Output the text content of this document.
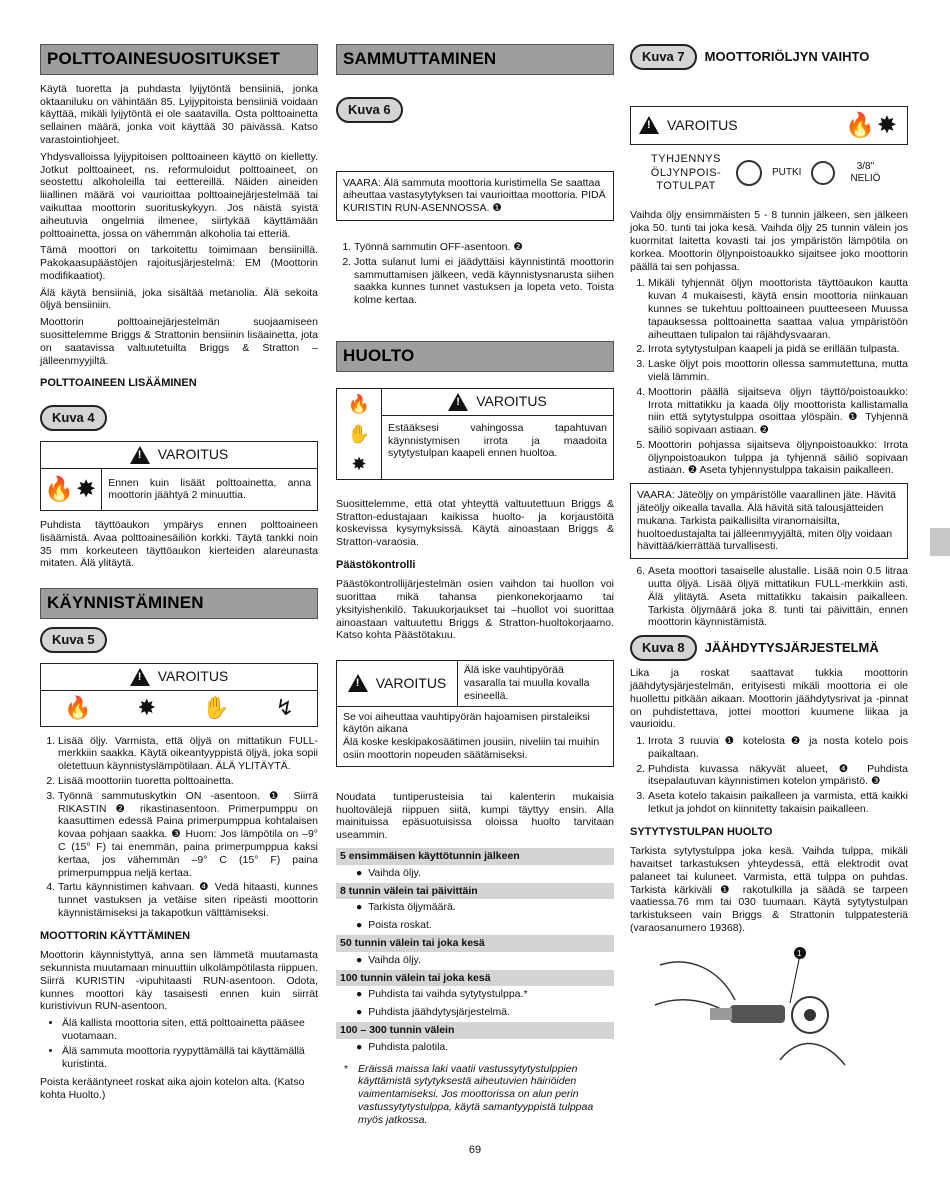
POLTTOAINESUOSITUKSET

Käytä tuoretta ja puhdasta lyijytöntä bensiiniä, jonka oktaaniluku on vähintään 85. Lyijypitoista bensiiniä voidaan käyttää, mikäli lyijytöntä ei ole saatavilla. Osta polttoainetta sellainen määrä, jonka voit käyttää 30 päivässä. Katso varastointiohjeet.

Yhdysvalloissa lyijypitoisen polttoaineen käyttö on kielletty. Jotkut polttoaineet, ns. reformuloidut polttoaineet, on seostettu alkoholeilla tai eettereillä. Näiden aineiden liiallinen määrä voi vaurioittaa polttoainejärjestelmää tai vaikuttaa moottorin suorituskykyyn. Jos näistä syistä aiheutuvia ongelmia ilmenee, siirtykää käyttämään polttoainetta, jossa on vähemmän alkoholia tai etteriä.

Tämä moottori on tarkoitettu toimimaan bensiinillä. Pakokaasupäästöjen rajoitusjärjestelmä: EM (Moottorin modifikaatiot).

Älä käytä bensiiniä, joka sisältää metanolia. Älä sekoita öljyä bensiiniin.

Moottorin polttoainejärjestelmän suojaamiseen suosittelemme Briggs & Strattonin bensiinin lisäainetta, jota on saatavissa valtuutetuilta Briggs & Stratton – jälleenmyyjiltä.

POLTTOAINEEN LISÄÄMINEN
Kuva 4
!
VAROITUS
🔥✸ Ennen kuin lisäät polttoainetta, anna moottorin jäähtyä 2 minuuttia.

Puhdista täyttöaukon ympärys ennen polttoaineen lisäämistä. Avaa polttoainesäiliön korkki. Täytä tankki noin 35 mm korkeuteen täyttöaukon kierteiden alareunasta mitaten. Älä ylitäytä.

KÄYNNISTÄMINEN
Kuva 5
!
VAROITUS
🔥 ✸ ✋ ↯
1. Lisää öljy. Varmista, että öljyä on mittatikun FULL-merkkiin saakka. Käytä oikeantyyppistä öljyä, joka sopii oletettuun käynnistyslämpötilaan. ÄLÄ YLITÄYTÄ.
2. Lisää moottoriin tuoretta polttoainetta.
3. Työnnä sammutuskytkin ON -asentoon. ❶ Siirrä RIKASTIN ❷ rikastinasentoon. Primerpumppu on kaasuttimen edessä Paina primerpumppua kohtalaisen kovaa pohjaan saakka. ❸ Huom: Jos lämpötila on –9° C (15° F) tai enemmän, paina primerpumppua kaksi kertaa, jos vähemmän –9° C (15° F) paina primerpumppua neljä kertaa.
4. Tartu käynnistimen kahvaan. ❹ Vedä hitaasti, kunnes tunnet vastuksen ja vetäise siten ripeästi moottorin käynnistämiseksi ja takapotkun välttämiseksi.
MOOTTORIN KÄYTTÄMINEN

Moottorin käynnistyttyä, anna sen lämmetä muutamasta sekunnista muutamaan minuuttiin ulkolämpötilasta riippuen. Siirrä KURISTIN -vipuhitaasti RUN-asentoon. Odota, kunnes moottori käy tasaisesti ennen kuin siirrät kuristivivun RUN-asentoon.

• Älä kallista moottoria siten, että polttoainetta pääsee vuotamaan.
• Älä sammuta moottoria ryypyttämällä tai käyttämällä kuristinta.

Poista kerääntyneet roskat aika ajoin kotelon alta. (Katso kohta Huolto.)

SAMMUTTAMINEN
Kuva 6
VAARA: Älä sammuta moottoria kuristimella Se saattaa aiheuttaa vastasytytyksen tai vaurioittaa moottoria. PIDÄ KURISTIN RUN-ASENNOSSA. ❶
1. Työnnä sammutin OFF-asentoon. ❷
2. Jotta sulanut lumi ei jäädyttäisi käynnistintä moottorin sammuttamisen jälkeen, vedä käynnistysnarusta siihen saakka kunnes tunnet vastuksen ja lopeta veto. Toista kolme kertaa.
HUOLTO
🔥
✋
✸
!
VAROITUS
Estääksesi vahingossa tapahtuvan käynnistymisen irrota ja maadoita sytytystulpan kaapeli ennen huoltoa.

Suosittelemme, että otat yhteyttä valtuutettuun Briggs & Stratton-edustajaan kaikissa huolto- ja korjaustöitä koskevissa kysymyksissä. Käytä ainoastaan Briggs & Stratton-varaosia.

Päästökontrolli

Päästökontrollijärjestelmän osien vaihdon tai huollon voi suorittaa mikä tahansa pienkonekorjaamo tai yksityishenkilö. Takuukorjaukset tai –huollot voi suorittaa ainoastaan valtuutettu Briggs & Stratton-huoltokorjaamo. Katso kohta Päästötakuu.

!
VAROITUS
Älä iske vauhtipyörää vasaralla tai muulla kovalla esineellä.
Se voi aiheuttaa vauhtipyörän hajoamisen pirstaleiksi käytön aikana
Älä koske keskipakosäätimen jousiin, niveliin tai muihin osiin moottorin nopeuden säätämiseksi.

Noudata tuntiperusteisia tai kalenterin mukaisia huoltovälejä riippuen siitä, kumpi täyttyy ensin. Alla mainituissa epäsuotuisissa oloissa huolto tarvitaan useammin.

5 ensimmäisen käyttötunnin jälkeen
●  Vaihda öljy.
8 tunnin välein tai päivittäin
●  Tarkista öljymäärä.
●  Poista roskat.
50 tunnin välein tai joka kesä
●  Vaihda öljy.
100 tunnin välein tai joka kesä
●  Puhdista tai vaihda sytytystulppa.*
●  Puhdista jäähdytysjärjestelmä.
100 – 300 tunnin välein
●  Puhdista palotila.
* Eräissä maissa laki vaatii vastussytytystulppien käyttämistä sytytyksestä aiheutuvien häiriöiden vaimentamiseksi. Jos moottorissa on alun perin vastussytytystulppa, käytä samantyyppistä tulppaa myös jatkossa.
Kuva 7	MOOTTORIÖLJYN VAIHTO
!
VAROITUS	🔥✸
TYHJENNYS ÖLJYNPOIS- TOTULPAT
PUTKI
3/8" NELIÖ

Vaihda öljy ensimmäisten 5 - 8 tunnin jälkeen, sen jälkeen joka 50. tunti tai joka kesä. Vaihda öljy 25 tunnin välein jos kuormitat laitetta kovasti tai jos ympäristön lämpötila on korkea. Moottorin öljynpoistoaukko sijaitsee joko moottorin päällä tai sen pohjassa.

1. Mikäli tyhjennät öljyn moottorista täyttöaukon kautta kuvan 4 mukaisesti, käytä ensin moottoria niinkauan kunnes se tukehtuu polttoaineen puutteeseen Muussa tapauksessa polttoainetta saattaa valua ympäristöön aiheuttaen tulipalon tai räjähdysvaaran.
2. Irrota sytytystulpan kaapeli ja pidä se erillään tulpasta.
3. Laske öljyt pois moottorin ollessa sammutettuna, mutta vielä lämmin.
4. Moottorin päällä sijaitseva öljyn täyttö/poistoaukko: Irrota mittatikku ja kaada öljy moottorista kallistamalla niin että sytytystulppa osoittaa ylöspäin. ❶ Tyhjennä säiliö sopivaan astiaan. ❷
5. Moottorin pohjassa sijaitseva öljynpoistoaukko: Irrota öljynpoistoaukon tulppa ja tyhjennä säiliö sopivaan astiaan. ❷ Aseta tyhjennystulppa takaisin paikalleen.
VAARA: Jäteöljy on ympäristölle vaarallinen jäte. Hävitä jäteöljy oikealla tavalla. Älä hävitä sitä talousjätteiden mukana. Tarkista paikallisilta viranomaisilta, huoltoedustajalta tai jälleenmyyjältä, miten öljy voidaan hävittää/kierrättää turvallisesti.
6. Aseta moottori tasaiselle alustalle. Lisää noin 0.5 litraa uutta öljyä. Lisää öljyä mittatikun FULL-merkkiin asti. Älä ylitäytä. Aseta mittatikku takaisin paikalleen. Tarkista öljymäärä joka 8. tunti tai päivittäin, ennen moottorin käynnistämistä.
Kuva 8	JÄÄHDYTYSJÄRJESTELMÄ

Lika ja roskat saattavat tukkia moottorin jäähdytysjärjestelmän, erityisesti mikäli moottoria ei ole huollettu pitkään aikaan. Moottorin jäähdytysrivat ja -pinnat on puhdistettava, jottei moottori kuumene liikaa ja vaurioidu.

1. Irrota 3 ruuvia ❶ kotelosta ❷ ja nosta kotelo pois paikaltaan.
2. Puhdista kuvassa näkyvät alueet, ❹ Puhdista itsepalautuvan käynnistimen kotelon ympäristö. ❸
3. Aseta kotelo takaisin paikalleen ja varmista, että kaikki letkut ja johdot on kiinnitetty takaisin paikalleen.
SYTYTYSTULPAN HUOLTO

Tarkista sytytystulppa joka kesä. Vaihda tulppa, mikäli havaitset tarkastuksen yhteydessä, että elektrodit ovat palaneet tai kuluneet. Varmista, että tulppa on puhdas. Tarkista kärkiväli ❶ rakotulkilla ja säädä se tarpeen vaatiessa.76 mm tai 030 tuumaan. Käytä sytytystulpan tarkistukseen vain Briggs & Strattonin tulppatesteriä (varaosanumero 19368).

1
69
